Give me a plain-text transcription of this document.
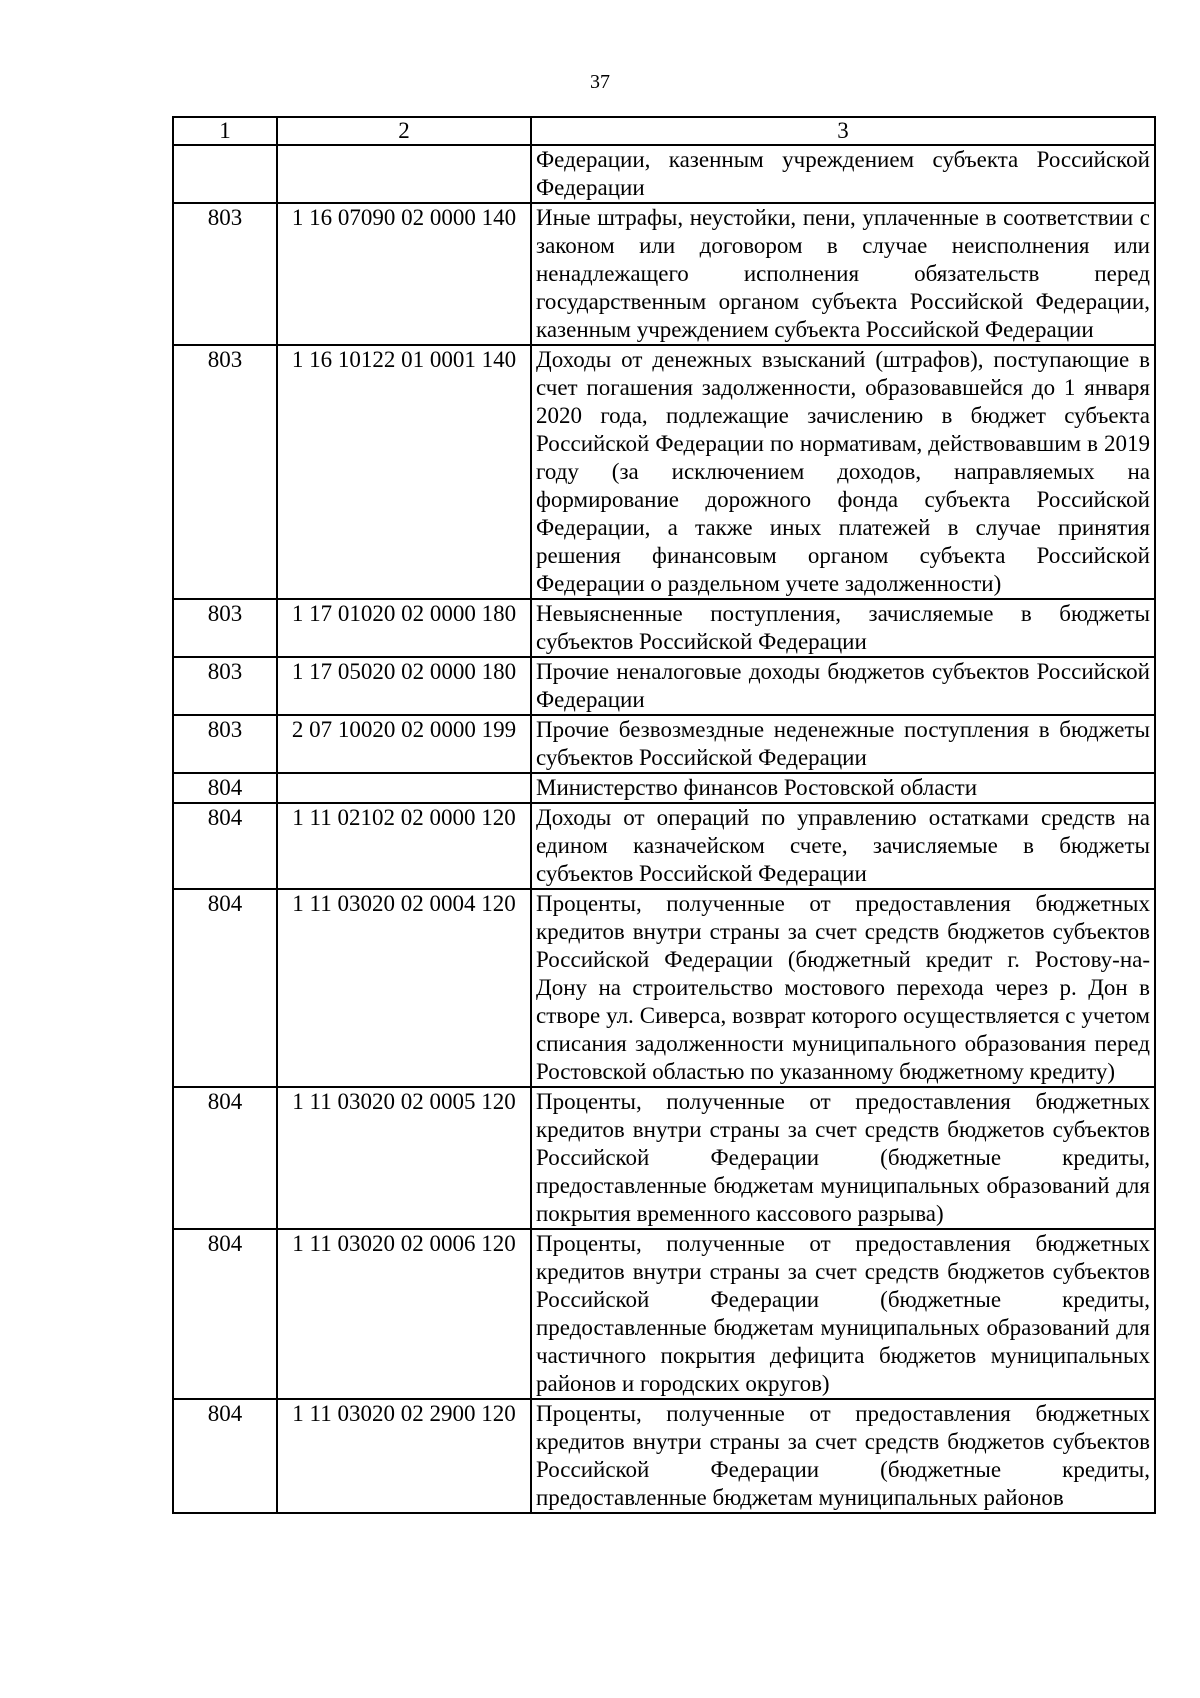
37
1	2	3
		Федерации, казенным учреждением субъекта Российской Федерации
803	1 16 07090 02 0000 140	Иные штрафы, неустойки, пени, уплаченные в соответствии с законом или договором в случае неисполнения или ненадлежащего исполнения обязательств перед государственным органом субъекта Российской Федерации, казенным учреждением субъекта Российской Федерации
803	1 16 10122 01 0001 140	Доходы от денежных взысканий (штрафов), поступающие в счет погашения задолженности, образовавшейся до 1 января 2020 года, подлежащие зачислению в бюджет субъекта Российской Федерации по нормативам, действовавшим в 2019 году (за исключением доходов, направляемых на формирование дорожного фонда субъекта Российской Федерации, а также иных платежей в случае принятия решения финансовым органом субъекта Российской Федерации о раздельном учете задолженности)
803	1 17 01020 02 0000 180	Невыясненные поступления, зачисляемые в бюджеты субъектов Российской Федерации
803	1 17 05020 02 0000 180	Прочие неналоговые доходы бюджетов субъектов Российской Федерации
803	2 07 10020 02 0000 199	Прочие безвозмездные неденежные поступления в бюджеты субъектов Российской Федерации
804		Министерство финансов Ростовской области
804	1 11 02102 02 0000 120	Доходы от операций по управлению остатками средств на едином казначейском счете, зачисляемые в бюджеты субъектов Российской Федерации
804	1 11 03020 02 0004 120	Проценты, полученные от предоставления бюджетных кредитов внутри страны за счет средств бюджетов субъектов Российской Федерации (бюджетный кредит г. Ростову-на-Дону на строительство мостового перехода через р. Дон в створе ул. Сиверса, возврат которого осуществляется с учетом списания задолженности муниципального образования перед Ростовской областью по указанному бюджетному кредиту)
804	1 11 03020 02 0005 120	Проценты, полученные от предоставления бюджетных кредитов внутри страны за счет средств бюджетов субъектов Российской Федерации (бюджетные кредиты, предоставленные бюджетам муниципальных образований для покрытия временного кассового разрыва)
804	1 11 03020 02 0006 120	Проценты, полученные от предоставления бюджетных кредитов внутри страны за счет средств бюджетов субъектов Российской Федерации (бюджетные кредиты, предоставленные бюджетам муниципальных образований для частичного покрытия дефицита бюджетов муниципальных районов и городских округов)
804	1 11 03020 02 2900 120	Проценты, полученные от предоставления бюджетных кредитов внутри страны за счет средств бюджетов субъектов Российской Федерации (бюджетные кредиты, предоставленные бюджетам муниципальных районов
